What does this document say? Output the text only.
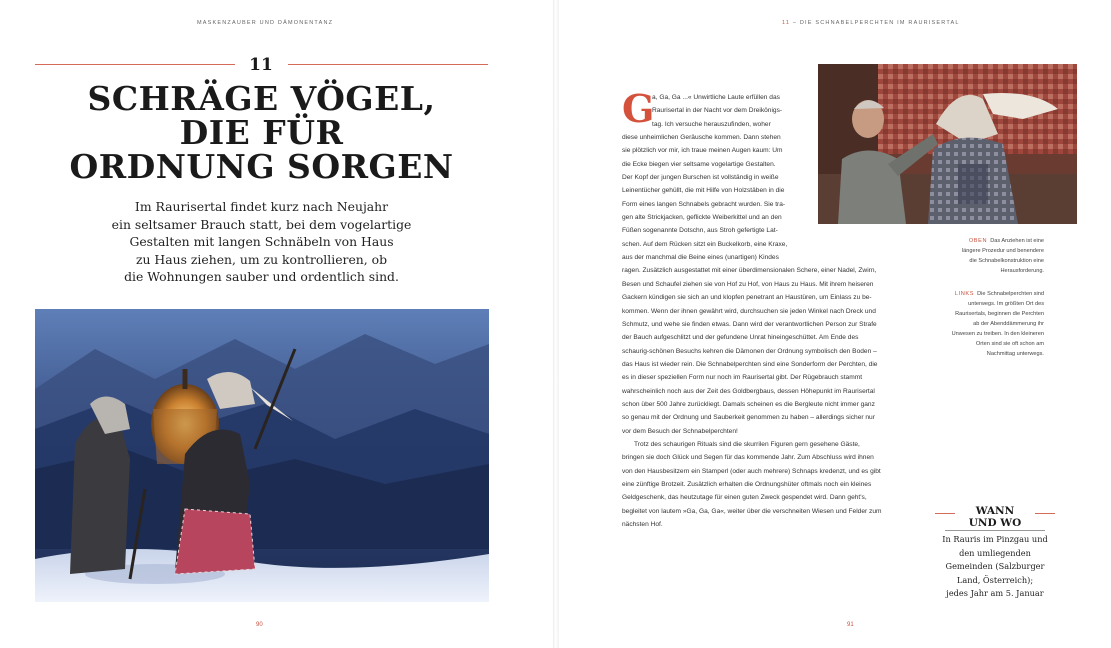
MASKENZAUBER UND DÄMONENTANZ	11 – DIE SCHNABELPERCHTEN IM RAURISERTAL
11
SCHRÄGE VÖGEL,
DIE FÜR
ORDNUNG SORGEN
Im Raurisertal findet kurz nach Neujahr
ein seltsamer Brauch statt, bei dem vogelartige
Gestalten mit langen Schnäbeln von Haus
zu Haus ziehen, um zu kontrollieren, ob
die Wohnungen sauber und ordentlich sind.
G
a, Ga, Ga ...« Unwirtliche Laute erfüllen das
Raurisertal in der Nacht vor dem Dreikönigs-
tag. Ich versuche herauszufinden, woher
diese unheimlichen Geräusche kommen. Dann stehen
sie plötzlich vor mir, ich traue meinen Augen kaum: Um
die Ecke biegen vier seltsame vogelartige Gestalten.
Der Kopf der jungen Burschen ist vollständig in weiße
Leinentücher gehüllt, die mit Hilfe von Holzstäben in die
Form eines langen Schnabels gebracht wurden. Sie tra-
gen alte Strickjacken, geflickte Weiberkittel und an den
Füßen sogenannte Dotschn, aus Stroh gefertigte Lat-
schen. Auf dem Rücken sitzt ein Buckelkorb, eine Kraxe,
aus der manchmal die Beine eines (unartigen) Kindes
ragen. Zusätzlich ausgestattet mit einer überdimensionalen Schere, einer Nadel, Zwirn,
Besen und Schaufel ziehen sie von Hof zu Hof, von Haus zu Haus. Mit ihrem heiseren
Gackern kündigen sie sich an und klopfen penetrant an Haustüren, um Einlass zu be-
kommen. Wenn der ihnen gewährt wird, durchsuchen sie jeden Winkel nach Dreck und
Schmutz, und wehe sie finden etwas. Dann wird der verantwortlichen Person zur Strafe
der Bauch aufgeschlitzt und der gefundene Unrat hineingeschüttet. Am Ende des
schaurig-schönen Besuchs kehren die Dämonen der Ordnung symbolisch den Boden –
das Haus ist wieder rein. Die Schnabelperchten sind eine Sonderform der Perchten, die
es in dieser speziellen Form nur noch im Raurisertal gibt. Der Rügebrauch stammt
wahrscheinlich noch aus der Zeit des Goldbergbaus, dessen Höhepunkt im Raurisertal
schon über 500 Jahre zurückliegt. Damals scheinen es die Bergleute nicht immer ganz
so genau mit der Ordnung und Sauberkeit genommen zu haben – allerdings sicher nur
vor dem Besuch der Schnabelperchten!
Trotz des schaurigen Rituals sind die skurrilen Figuren gern gesehene Gäste,
bringen sie doch Glück und Segen für das kommende Jahr. Zum Abschluss wird ihnen
von den Hausbesitzern ein Stamperl (oder auch mehrere) Schnaps kredenzt, und es gibt
eine zünftige Brotzeit. Zusätzlich erhalten die Ordnungshüter oftmals noch ein kleines
Geldgeschenk, das heutzutage für einen guten Zweck gespendet wird. Dann geht's,
begleitet von lautem »Ga, Ga, Ga«, weiter über die verschneiten Wiesen und Felder zum
nächsten Hof.
OBEN Das Anziehen ist eine
längere Prozedur und benendere
die Schnabelkonstruktion eine
Herausforderung.
LINKS Die Schnabelperchten sind
unterwegs. Im größten Ort des
Raurisertals, beginnen die Perchten
ab der Abenddämmerung ihr
Unwesen zu treiben. In den kleineren
Orten sind sie oft schon am
Nachmittag unterwegs.
WANN
UND WO
In Rauris im Pinzgau und
den umliegenden
Gemeinden (Salzburger
Land, Österreich);
jedes Jahr am 5. Januar
90	91
